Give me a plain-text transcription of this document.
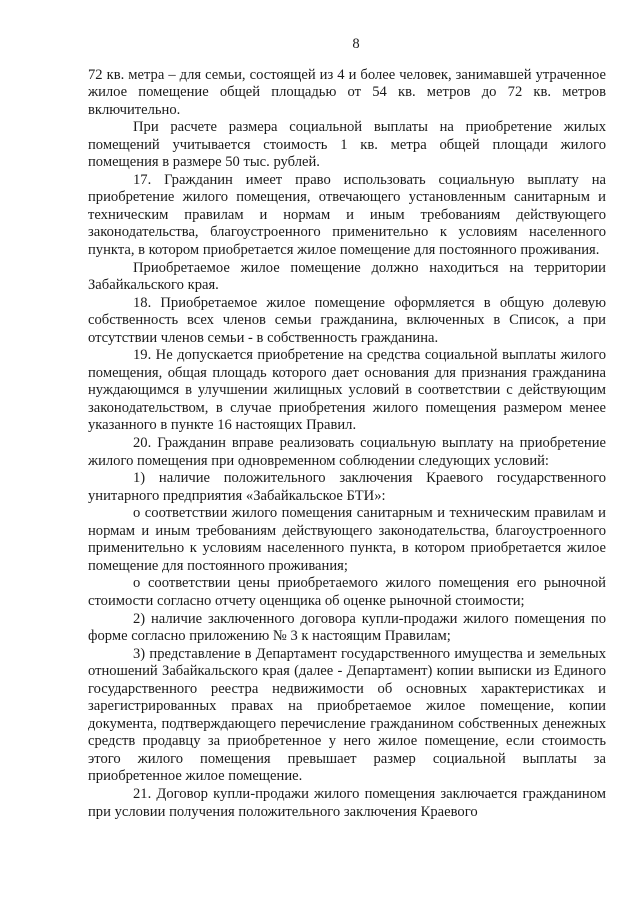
8

72 кв. метра – для семьи, состоящей из 4 и более человек, занимавшей утраченное жилое помещение общей площадью от 54 кв. метров до 72 кв. метров включительно.

При расчете размера социальной выплаты на приобретение жилых помещений учитывается стоимость 1 кв. метра общей площади жилого помещения в размере 50 тыс. рублей.

17. Гражданин имеет право использовать социальную выплату на приобретение жилого помещения, отвечающего установленным санитарным и техническим правилам и нормам и иным требованиям действующего законодательства, благоустроенного применительно к условиям населенного пункта, в котором приобретается жилое помещение для постоянного проживания.

Приобретаемое жилое помещение должно находиться на территории Забайкальского края.

18. Приобретаемое жилое помещение оформляется в общую долевую собственность всех членов семьи гражданина, включенных в Список, а при отсутствии членов семьи - в собственность гражданина.

19. Не допускается приобретение на средства социальной выплаты жилого помещения, общая площадь которого дает основания для признания гражданина нуждающимся в улучшении жилищных условий в соответствии с действующим законодательством, в случае приобретения жилого помещения размером менее указанного в пункте 16 настоящих Правил.

20. Гражданин вправе реализовать социальную выплату на приобретение жилого помещения при одновременном соблюдении следующих условий:

1) наличие положительного заключения Краевого государственного унитарного предприятия «Забайкальское БТИ»:

о соответствии жилого помещения санитарным и техническим правилам и нормам и иным требованиям действующего законодательства, благоустроенного применительно к условиям населенного пункта, в котором приобретается жилое помещение для постоянного проживания;

о соответствии цены приобретаемого жилого помещения его рыночной стоимости согласно отчету оценщика об оценке рыночной стоимости;

2) наличие заключенного договора купли-продажи жилого помещения по форме согласно приложению № 3 к настоящим Правилам;

3) представление в Департамент государственного имущества и земельных отношений Забайкальского края (далее - Департамент) копии выписки из Единого государственного реестра недвижимости об основных характеристиках и зарегистрированных правах на приобретаемое жилое помещение, копии документа, подтверждающего перечисление гражданином собственных денежных средств продавцу за приобретенное у него жилое помещение, если стоимость этого жилого помещения превышает размер социальной выплаты за приобретенное жилое помещение.

21. Договор купли-продажи жилого помещения заключается гражданином при условии получения положительного заключения Краевого
